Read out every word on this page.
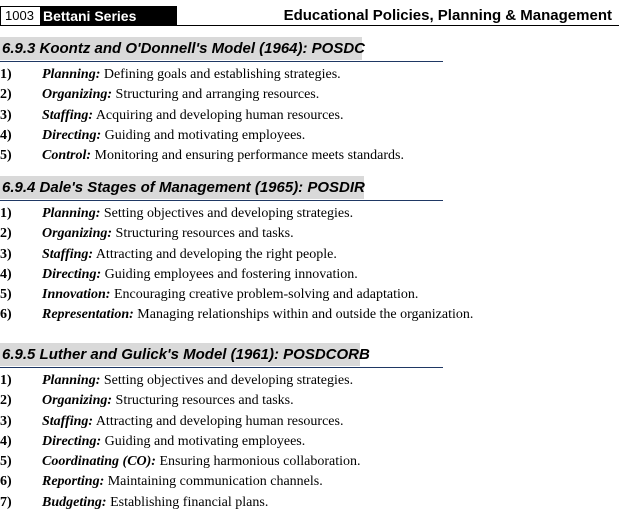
1003 Bettani Series	Educational Policies, Planning & Management
6.9.3 Koontz and O'Donnell's Model (1964): POSDC
1) Planning: Defining goals and establishing strategies.
2) Organizing: Structuring and arranging resources.
3) Staffing: Acquiring and developing human resources.
4) Directing: Guiding and motivating employees.
5) Control: Monitoring and ensuring performance meets standards.
6.9.4 Dale's Stages of Management (1965): POSDIR
1) Planning: Setting objectives and developing strategies.
2) Organizing: Structuring resources and tasks.
3) Staffing: Attracting and developing the right people.
4) Directing: Guiding employees and fostering innovation.
5) Innovation: Encouraging creative problem-solving and adaptation.
6) Representation: Managing relationships within and outside the organization.
6.9.5 Luther and Gulick's Model (1961): POSDCORB
1) Planning: Setting objectives and developing strategies.
2) Organizing: Structuring resources and tasks.
3) Staffing: Attracting and developing human resources.
4) Directing: Guiding and motivating employees.
5) Coordinating (CO): Ensuring harmonious collaboration.
6) Reporting: Maintaining communication channels.
7) Budgeting: Establishing financial plans.
